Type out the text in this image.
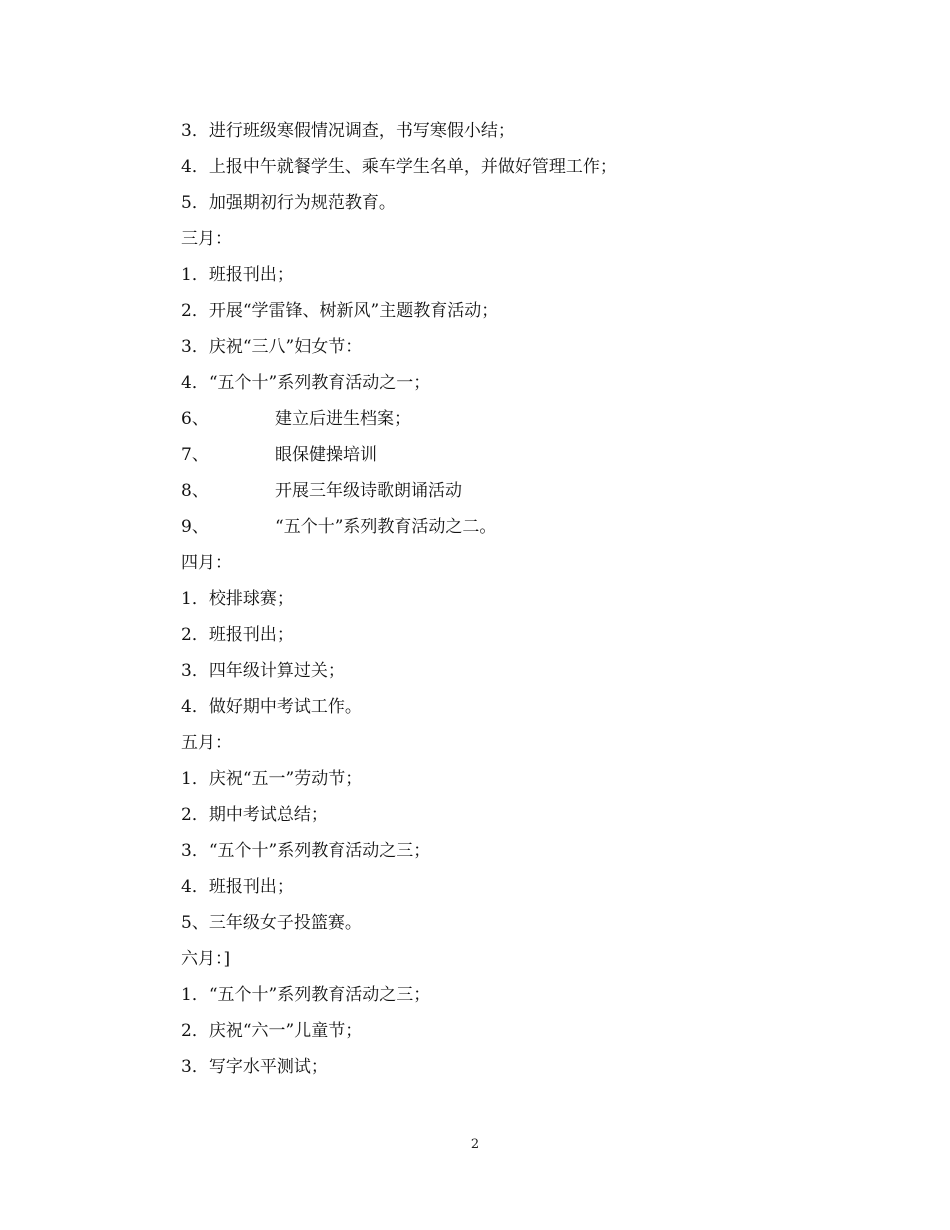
3． 进行班级寒假情况调查，书写寒假小结；
4． 上报中午就餐学生、乘车学生名单，并做好管理工作；
5． 加强期初行为规范教育。
三月：
1． 班报刊出；
2． 开展“学雷锋、树新风”主题教育活动；
3． 庆祝“三八”妇女节：
4． “五个十”系列教育活动之一；
6、	建立后进生档案；
7、	眼保健操培训
8、	开展三年级诗歌朗诵活动
9、	“五个十”系列教育活动之二。
四月：
1． 校排球赛；
2． 班报刊出；
3． 四年级计算过关；
4． 做好期中考试工作。
五月：
1． 庆祝“五一”劳动节；
2． 期中考试总结；
3． “五个十”系列教育活动之三；
4． 班报刊出；
5、 三年级女子投篮赛。
六月：]
1． “五个十”系列教育活动之三；
2． 庆祝“六一”儿童节；
3． 写字水平测试；
2
